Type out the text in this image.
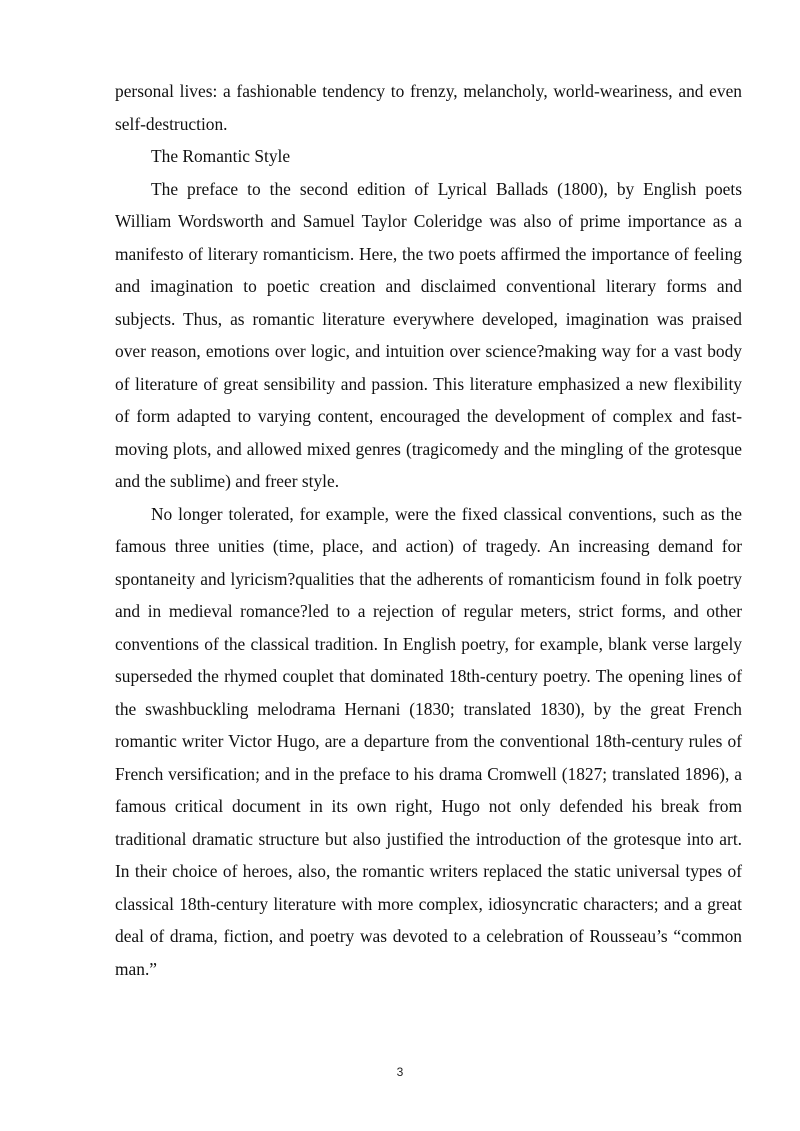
personal lives: a fashionable tendency to frenzy, melancholy, world-weariness, and even self-destruction.

The Romantic Style

The preface to the second edition of Lyrical Ballads (1800), by English poets William Wordsworth and Samuel Taylor Coleridge was also of prime importance as a manifesto of literary romanticism. Here, the two poets affirmed the importance of feeling and imagination to poetic creation and disclaimed conventional literary forms and subjects. Thus, as romantic literature everywhere developed, imagination was praised over reason, emotions over logic, and intuition over science?making way for a vast body of literature of great sensibility and passion. This literature emphasized a new flexibility of form adapted to varying content, encouraged the development of complex and fast-moving plots, and allowed mixed genres (tragicomedy and the mingling of the grotesque and the sublime) and freer style.

No longer tolerated, for example, were the fixed classical conventions, such as the famous three unities (time, place, and action) of tragedy. An increasing demand for spontaneity and lyricism?qualities that the adherents of romanticism found in folk poetry and in medieval romance?led to a rejection of regular meters, strict forms, and other conventions of the classical tradition. In English poetry, for example, blank verse largely superseded the rhymed couplet that dominated 18th-century poetry. The opening lines of the swashbuckling melodrama Hernani (1830; translated 1830), by the great French romantic writer Victor Hugo, are a departure from the conventional 18th-century rules of French versification; and in the preface to his drama Cromwell (1827; translated 1896), a famous critical document in its own right, Hugo not only defended his break from traditional dramatic structure but also justified the introduction of the grotesque into art. In their choice of heroes, also, the romantic writers replaced the static universal types of classical 18th-century literature with more complex, idiosyncratic characters; and a great deal of drama, fiction, and poetry was devoted to a celebration of Rousseau’s “common man.”

3
